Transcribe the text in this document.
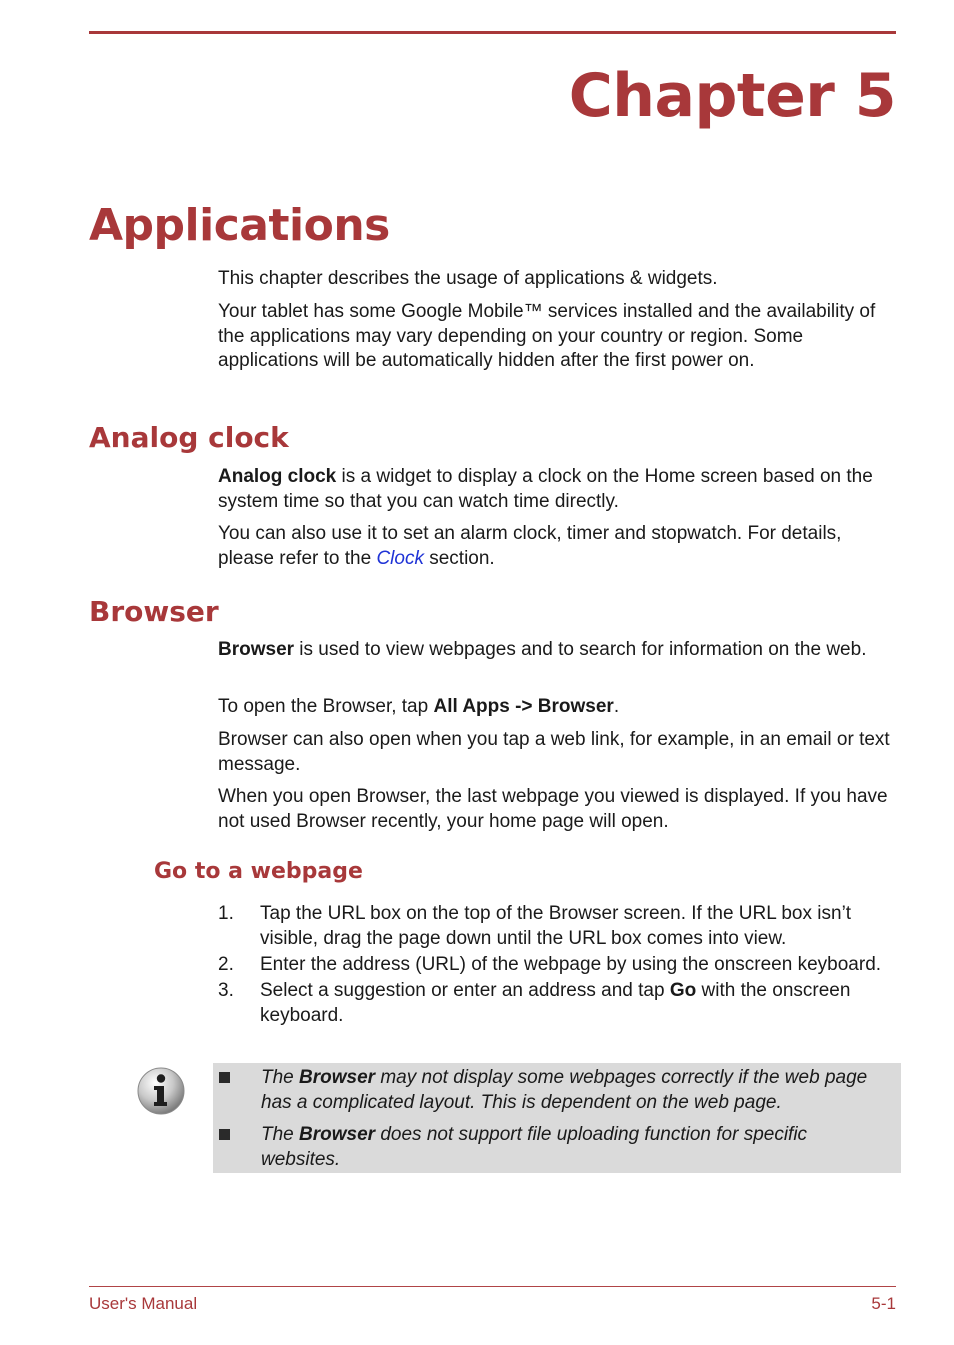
Chapter 5
Applications

This chapter describes the usage of applications & widgets.

Your tablet has some Google Mobile™ services installed and the availability of the applications may vary depending on your country or region. Some applications will be automatically hidden after the first power on.

Analog clock

Analog clock is a widget to display a clock on the Home screen based on the system time so that you can watch time directly.

You can also use it to set an alarm clock, timer and stopwatch. For details, please refer to the Clock section.

Browser

Browser is used to view webpages and to search for information on the web.

To open the Browser, tap All Apps -> Browser.

Browser can also open when you tap a web link, for example, in an email or text message.

When you open Browser, the last webpage you viewed is displayed. If you have not used Browser recently, your home page will open.

Go to a webpage
1. Tap the URL box on the top of the Browser screen. If the URL box isn’t visible, drag the page down until the URL box comes into view.
2. Enter the address (URL) of the webpage by using the onscreen keyboard.
3. Select a suggestion or enter an address and tap Go with the onscreen keyboard.
The Browser may not display some webpages correctly if the web page has a complicated layout. This is dependent on the web page.
The Browser does not support file uploading function for specific websites.
User's Manual	5-1
